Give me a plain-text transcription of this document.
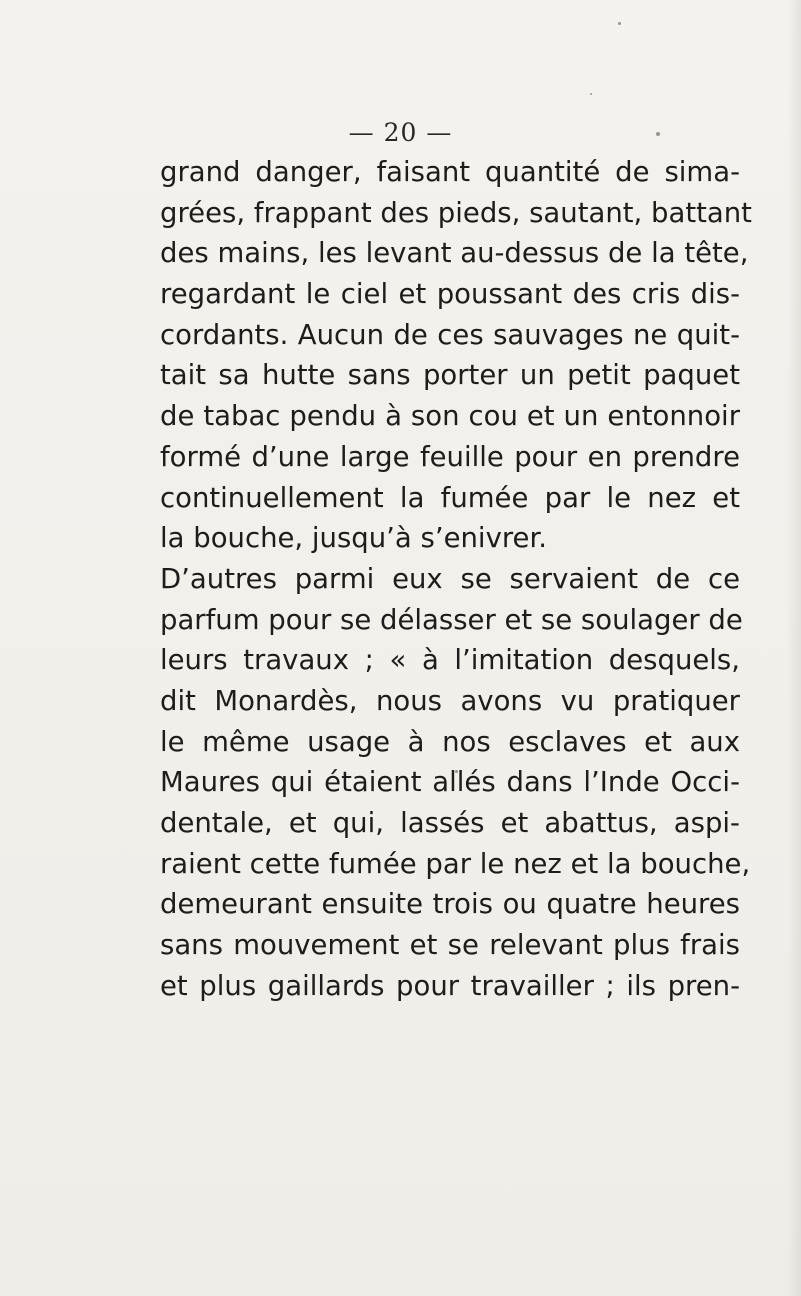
— 20 —
grand danger, faisant quantité de sima-
grées, frappant des pieds, sautant, battant
des mains, les levant au-dessus de la tête,
regardant le ciel et poussant des cris dis-
cordants. Aucun de ces sauvages ne quit-
tait sa hutte sans porter un petit paquet
de tabac pendu à son cou et un entonnoir
formé d’une large feuille pour en prendre
continuellement la fumée par le nez et
la bouche, jusqu’à s’enivrer.
D’autres parmi eux se servaient de ce
parfum pour se délasser et se soulager de
leurs travaux ; « à l’imitation desquels,
dit Monardès, nous avons vu pratiquer
le même usage à nos esclaves et aux
Maures qui étaient allés dans l’Inde Occi-
dentale, et qui, lassés et abattus, aspi-
raient cette fumée par le nez et la bouche,
demeurant ensuite trois ou quatre heures
sans mouvement et se relevant plus frais
et plus gaillards pour travailler ; ils pren-
